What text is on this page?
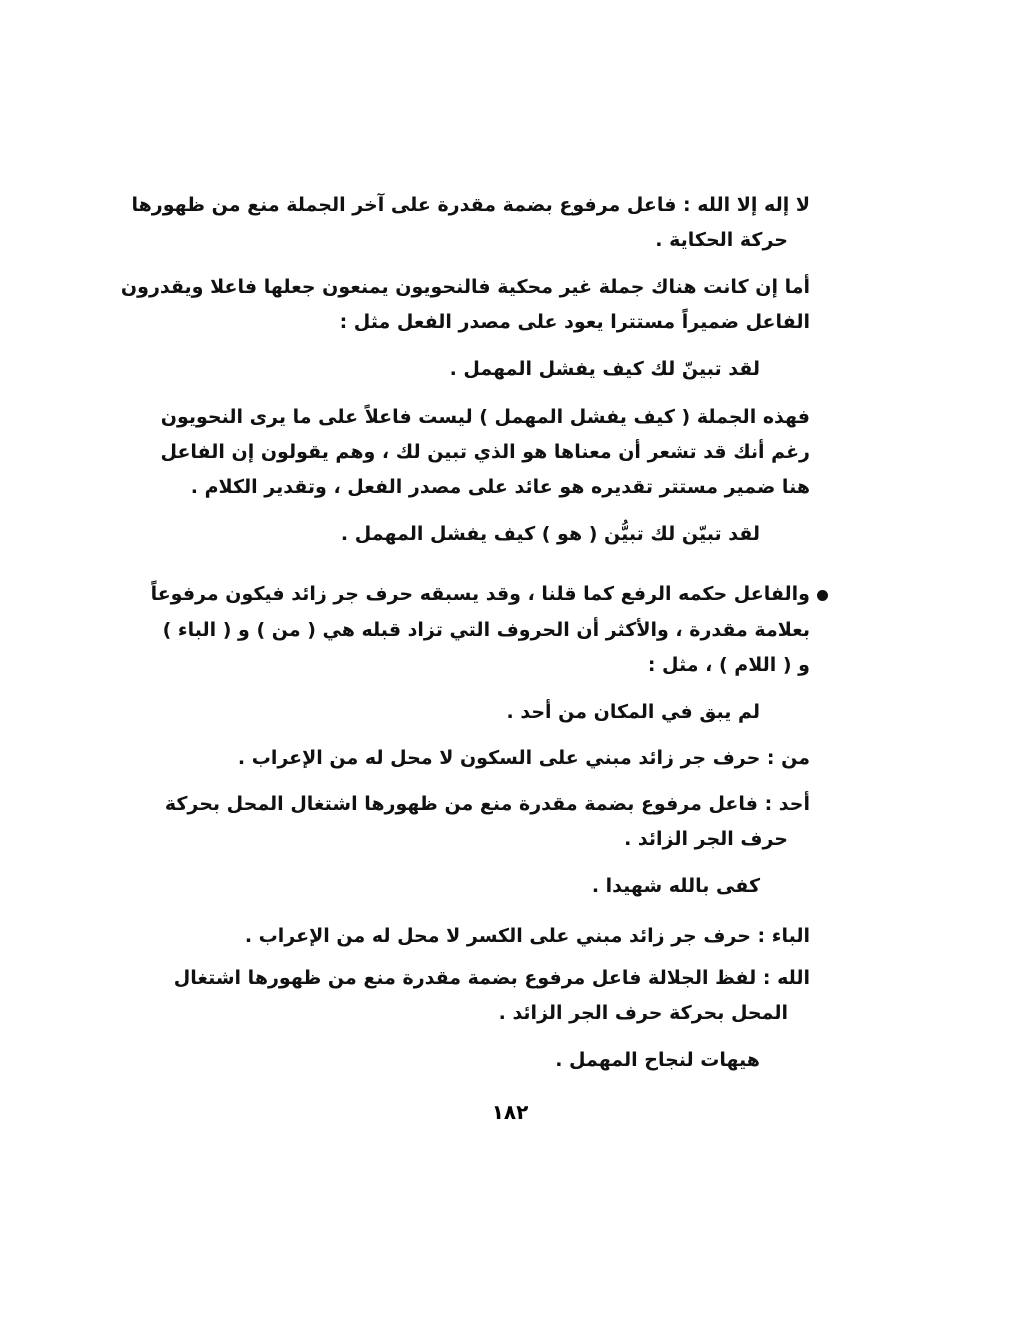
لا إله إلا الله : فاعل مرفوع بضمة مقدرة على آخر الجملة منع من ظهورها
حركة الحكاية .
أما إن كانت هناك جملة غير محكية فالنحويون يمنعون جعلها فاعلا ويقدرون
الفاعل ضميراً مستترا يعود على مصدر الفعل مثل :
لقد تبينّ لك كيف يفشل المهمل .
فهذه الجملة ( كيف يفشل المهمل ) ليست فاعلاً على ما يرى النحويون
رغم أنك قد تشعر أن معناها هو الذي تبين لك ، وهم يقولون إن الفاعل
هنا ضمير مستتر تقديره هو عائد على مصدر الفعل ، وتقدير الكلام .
لقد تبيّن لك تبيُّن ( هو ) كيف يفشل المهمل .
والفاعل حكمه الرفع كما قلنا ، وقد يسبقه حرف جر زائد فيكون مرفوعاً
بعلامة مقدرة ، والأكثر أن الحروف التي تزاد قبله هي ( من ) و ( الباء )
و ( اللام ) ، مثل :
لم يبق في المكان من أحد .
من : حرف جر زائد مبني على السكون لا محل له من الإعراب .
أحد : فاعل مرفوع بضمة مقدرة منع من ظهورها اشتغال المحل بحركة
حرف الجر الزائد .
كفى بالله شهيدا .
الباء : حرف جر زائد مبني على الكسر لا محل له من الإعراب .
الله : لفظ الجلالة فاعل مرفوع بضمة مقدرة منع من ظهورها اشتغال
المحل بحركة حرف الجر الزائد .
هيهات لنجاح المهمل .
١٨٢
